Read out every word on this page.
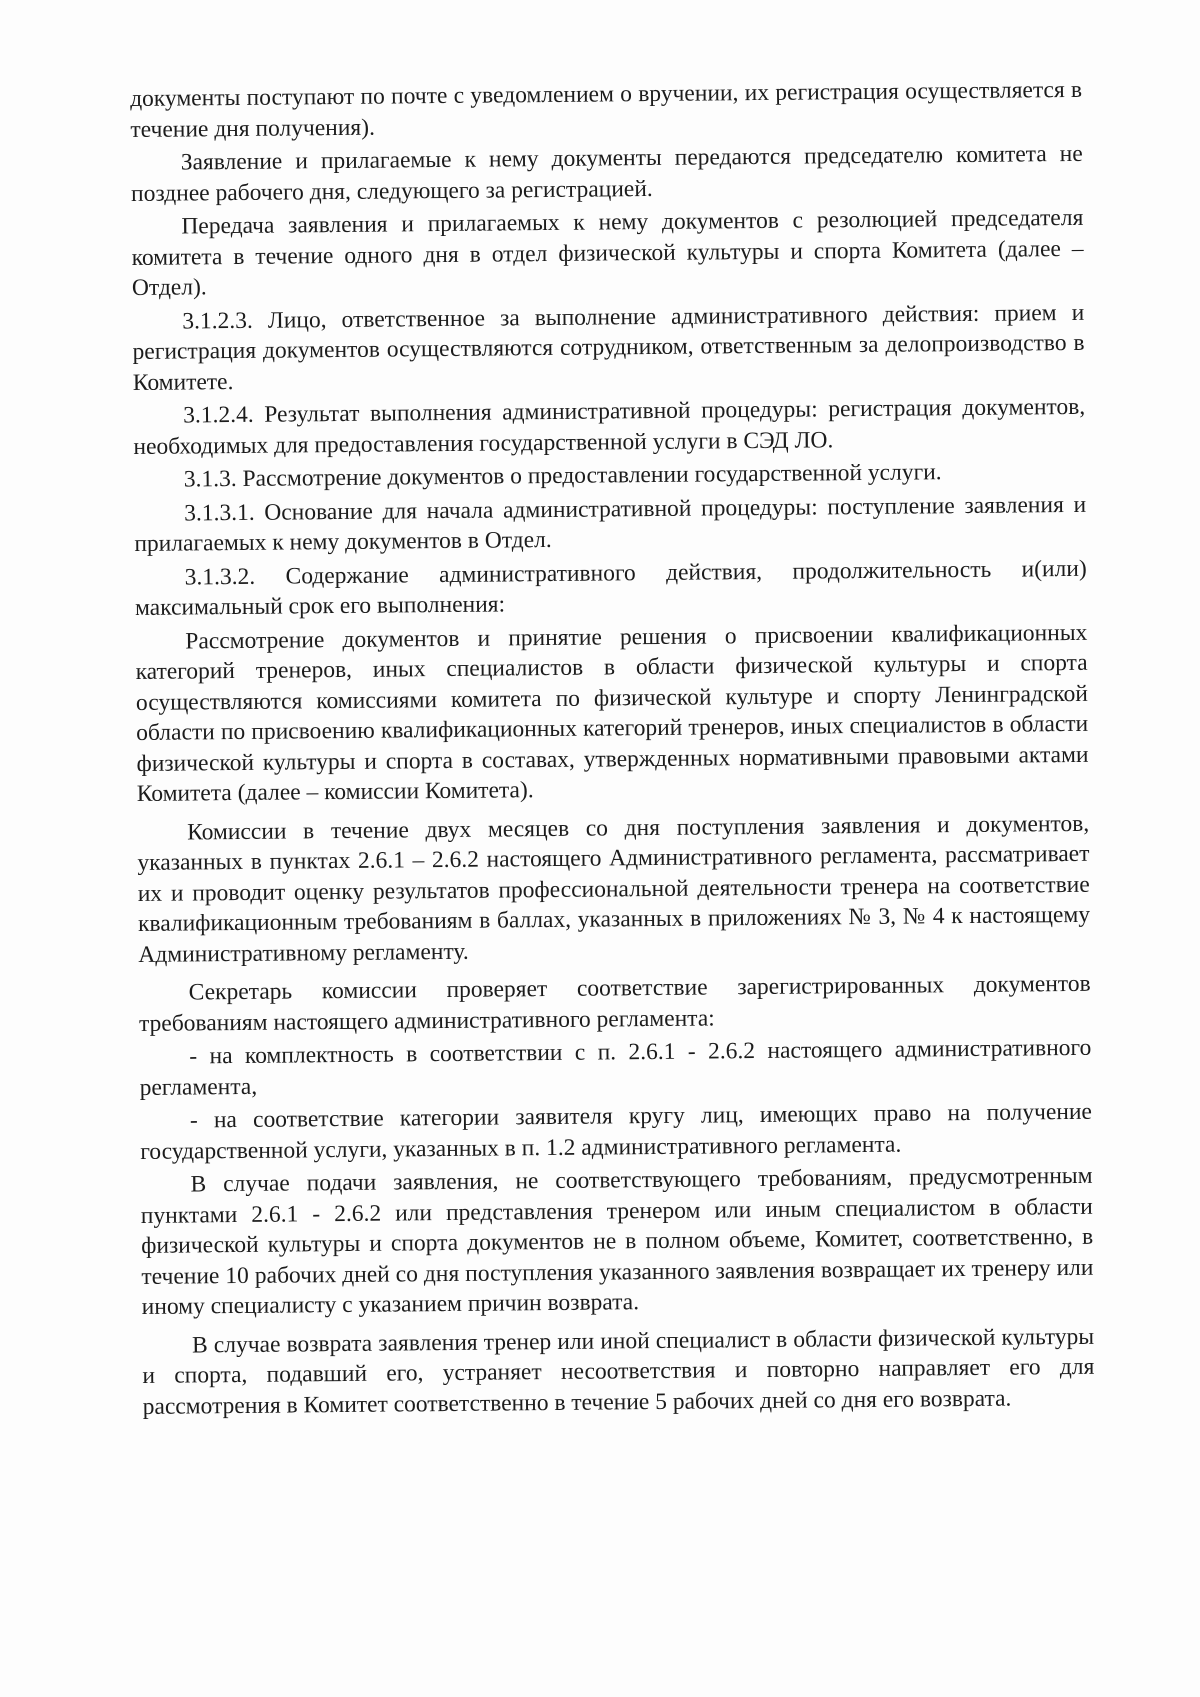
документы поступают по почте с уведомлением о вручении, их регистрация осуществляется в течение дня получения).

Заявление и прилагаемые к нему документы передаются председателю комитета не позднее рабочего дня, следующего за регистрацией.

Передача заявления и прилагаемых к нему документов с резолюцией председателя комитета в течение одного дня в отдел физической культуры и спорта Комитета (далее – Отдел).

3.1.2.3. Лицо, ответственное за выполнение административного действия: прием и регистрация документов осуществляются сотрудником, ответственным за делопроизводство в Комитете.

3.1.2.4. Результат выполнения административной процедуры: регистрация документов, необходимых для предоставления государственной услуги в СЭД ЛО.

3.1.3. Рассмотрение документов о предоставлении государственной услуги.

3.1.3.1. Основание для начала административной процедуры: поступление заявления и прилагаемых к нему документов в Отдел.

3.1.3.2. Содержание административного действия, продолжительность и(или) максимальный срок его выполнения:

Рассмотрение документов и принятие решения о присвоении квалификационных категорий тренеров, иных специалистов в области физической культуры и спорта осуществляются комиссиями комитета по физической культуре и спорту Ленинградской области по присвоению квалификационных категорий тренеров, иных специалистов в области физической культуры и спорта в составах, утвержденных нормативными правовыми актами Комитета (далее – комиссии Комитета).

Комиссии в течение двух месяцев со дня поступления заявления и документов, указанных в пунктах 2.6.1 – 2.6.2 настоящего Административного регламента, рассматривает их и проводит оценку результатов профессиональной деятельности тренера на соответствие квалификационным требованиям в баллах, указанных в приложениях № 3, № 4 к настоящему Административному регламенту.

Секретарь комиссии проверяет соответствие зарегистрированных документов требованиям настоящего административного регламента:

- на комплектность в соответствии с п. 2.6.1 - 2.6.2 настоящего административного регламента,

- на соответствие категории заявителя кругу лиц, имеющих право на получение государственной услуги, указанных в п. 1.2 административного регламента.

В случае подачи заявления, не соответствующего требованиям, предусмотренным пунктами 2.6.1 - 2.6.2 или представления тренером или иным специалистом в области физической культуры и спорта документов не в полном объеме, Комитет, соответственно, в течение 10 рабочих дней со дня поступления указанного заявления возвращает их тренеру или иному специалисту с указанием причин возврата.

В случае возврата заявления тренер или иной специалист в области физической культуры и спорта, подавший его, устраняет несоответствия и повторно направляет его для рассмотрения в Комитет соответственно в течение 5 рабочих дней со дня его возврата.
